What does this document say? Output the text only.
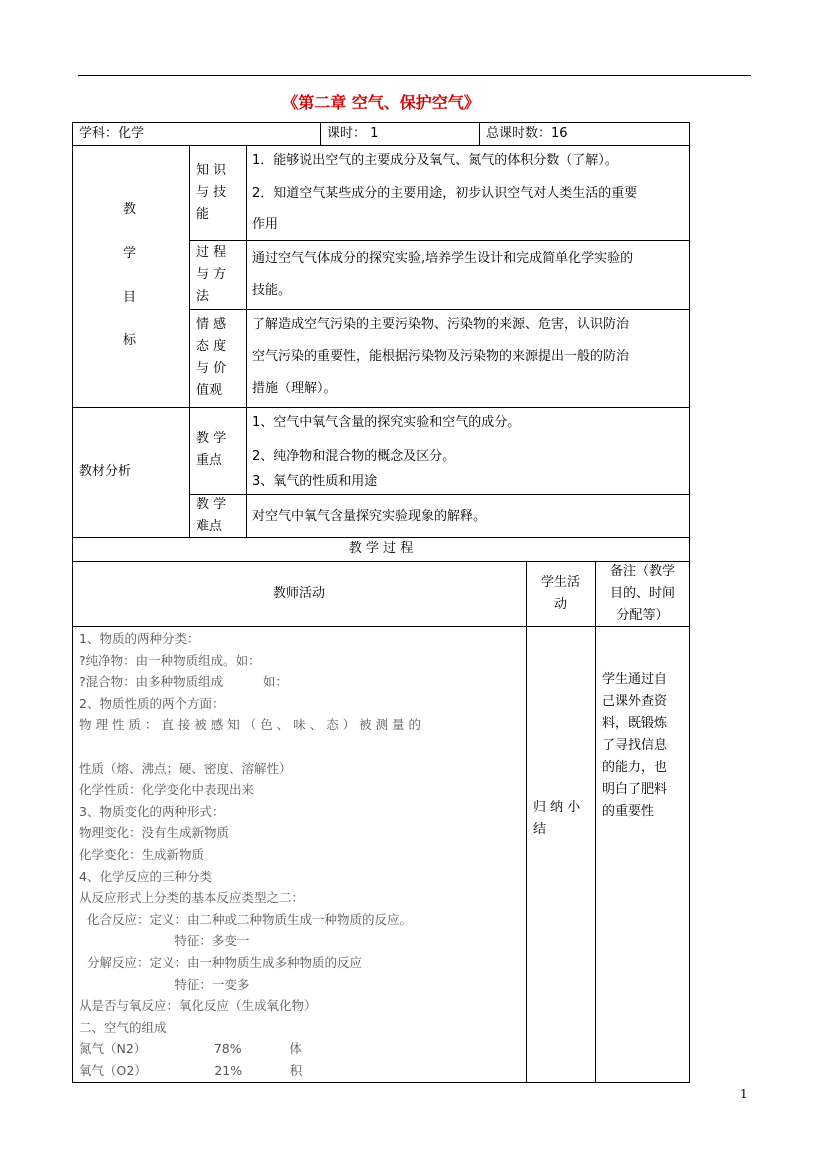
《第二章 空气、保护空气》
学科：化学	课时： 1	总课时数：16
教
学
目
标
知 识
与 技
能
1．能够说出空气的主要成分及氧气、氮气的体积分数（了解）。
2．知道空气某些成分的主要用途，初步认识空气对人类生活的重要
作用
过 程
与 方
法
通过空气气体成分的探究实验,培养学生设计和完成简单化学实验的
技能。
情 感
态 度
与 价
值观
了解造成空气污染的主要污染物、污染物的来源、危害，认识防治
空气污染的重要性，能根据污染物及污染物的来源提出一般的防治
措施（理解）。
教材分析
教 学
重点
1、空气中氧气含量的探究实验和空气的成分。
2、纯净物和混合物的概念及区分。
3、氧气的性质和用途
教 学
难点
对空气中氧气含量探究实验现象的解释。
教 学 过 程
教师活动
学生活
动
备注（教学
目的、时间
分配等）
1、物质的两种分类：
?纯净物：由一种物质组成。如：
?混合物：由多种物质组成          如：
2、物质性质的两个方面：
物 理 性 质 ： 直 接 被 感 知 （ 色 、 味 、 态 ） 被 测 量 的
性质（熔、沸点；硬、密度、溶解性）
化学性质：化学变化中表现出来
3、物质变化的两种形式：
物理变化：没有生成新物质
化学变化：生成新物质
4、化学反应的三种分类
从反应形式上分类的基本反应类型之二：
化合反应：定义：由二种或二种物质生成一种物质的反应。
特征：多变一
分解反应：定义：由一种物质生成多种物质的反应
特征：一变多
从是否与氧反应：氧化反应（生成氧化物）
二、空气的组成
氮气（N2）                 78%            体
氧气（O2）                 21%            积
归 纳 小
结
学生通过自
己课外查资
料，既锻炼
了寻找信息
的能力，也
明白了肥料
的重要性
1
